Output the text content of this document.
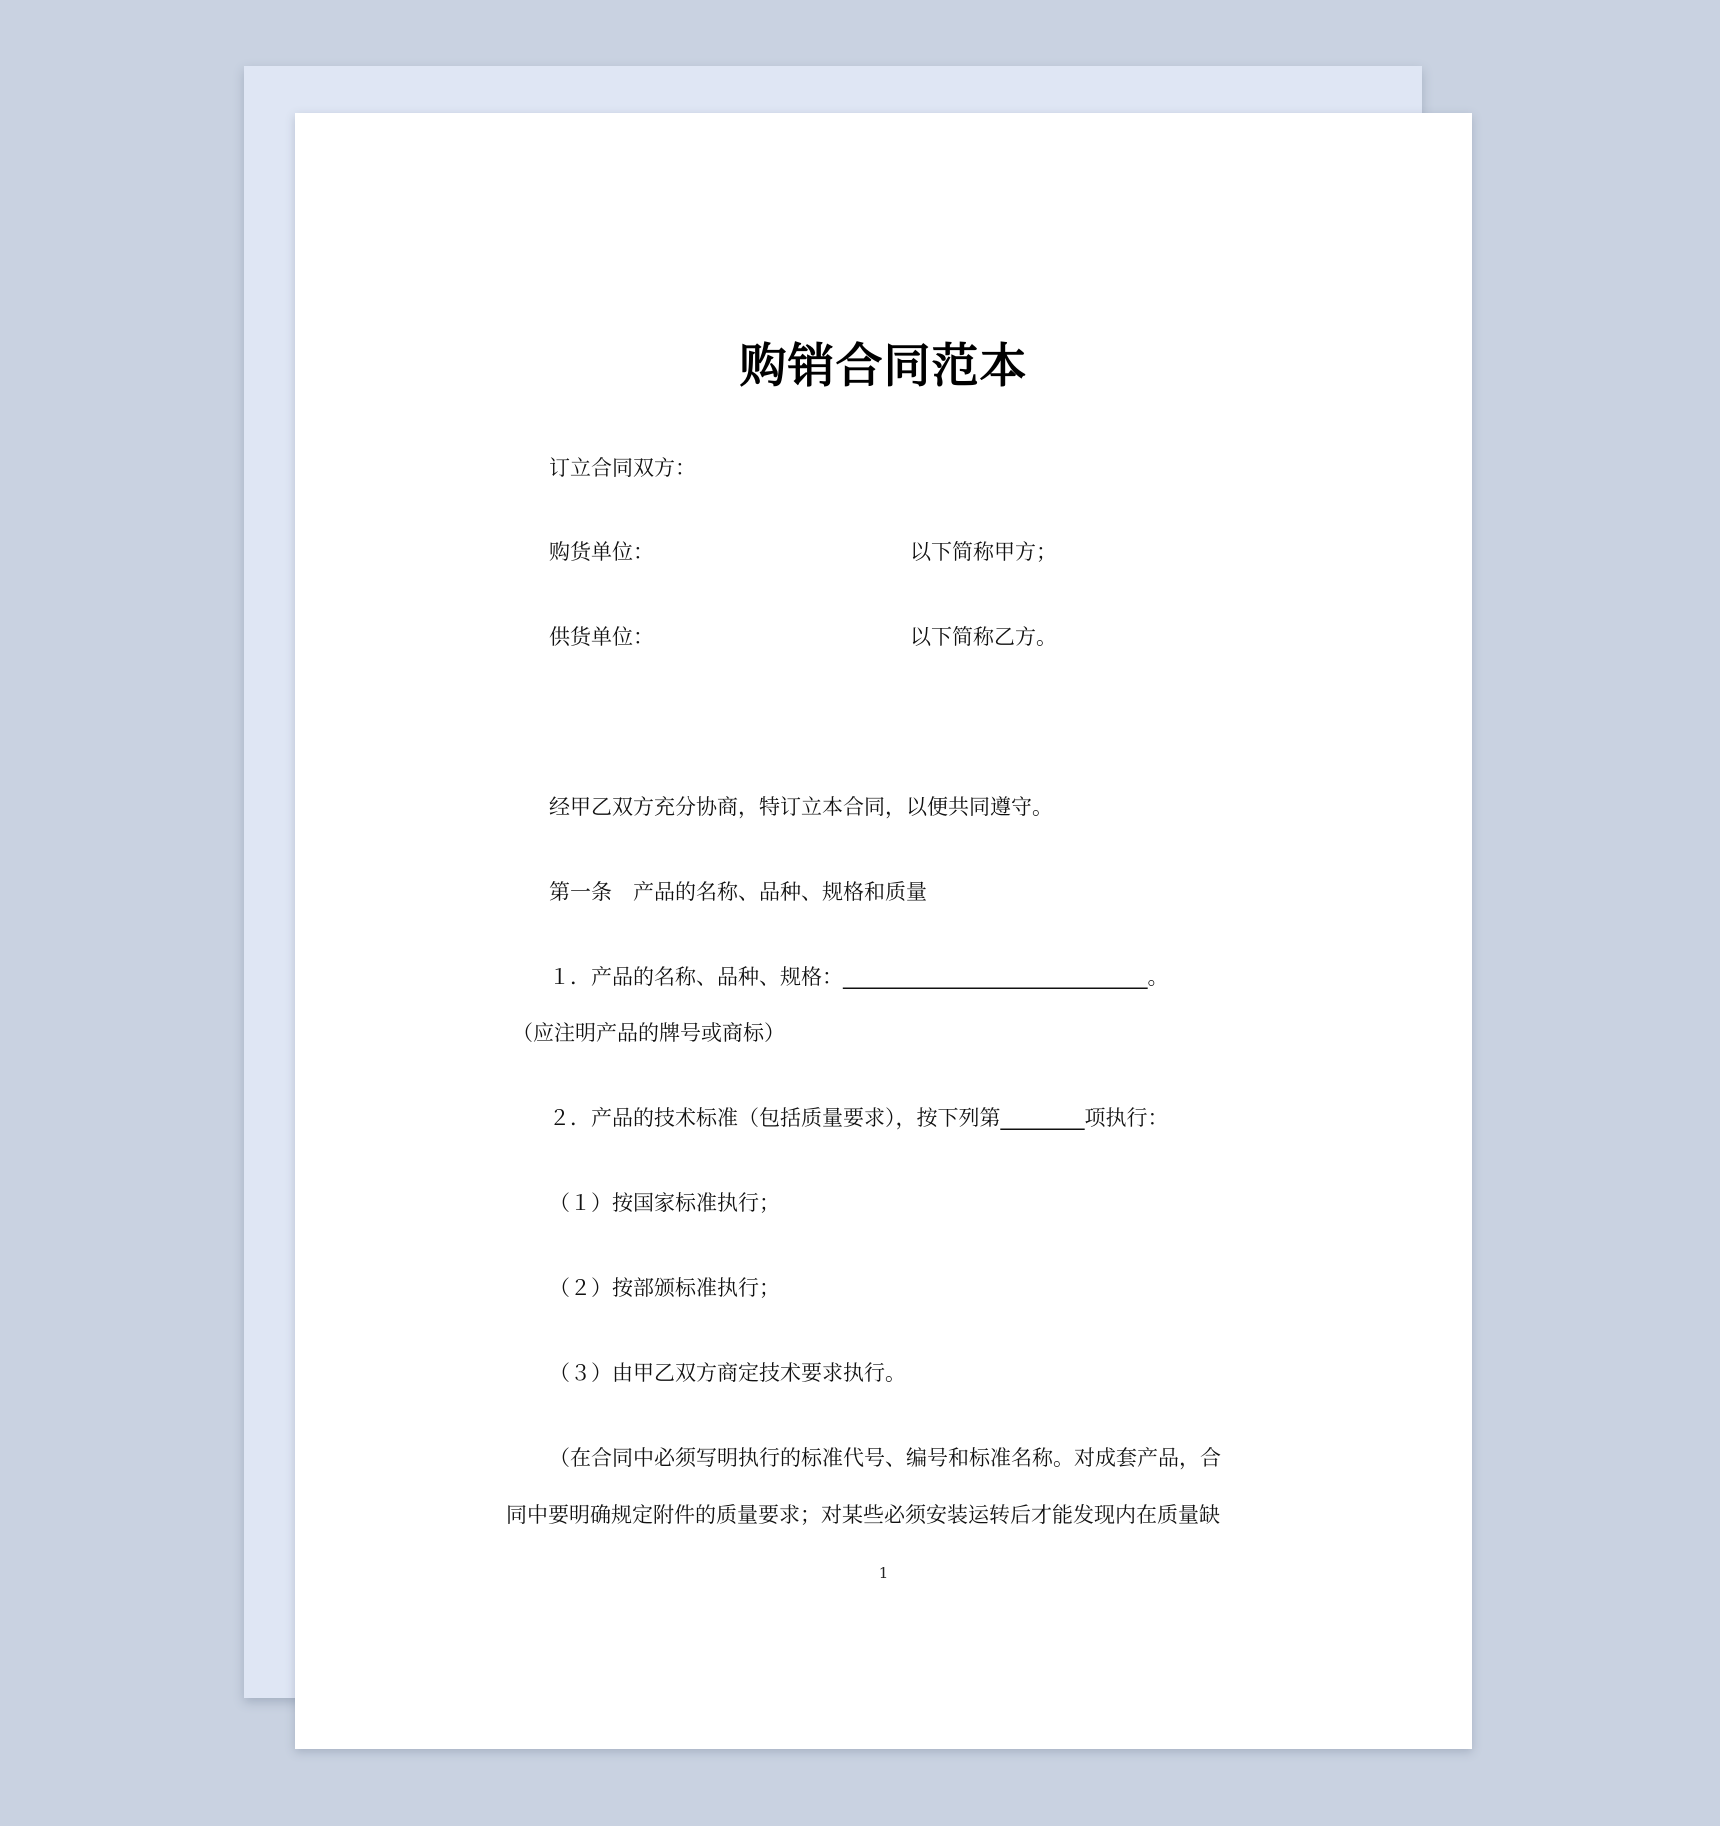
购销合同范本
订立合同双方：
购货单位：	以下简称甲方；
供货单位：	以下简称乙方。
经甲乙双方充分协商，特订立本合同，以便共同遵守。
第一条　产品的名称、品种、规格和质量
１．产品的名称、品种、规格：_____________________________。
（应注明产品的牌号或商标）
２．产品的技术标准（包括质量要求），按下列第________项执行：
（１）按国家标准执行；
（２）按部颁标准执行；
（３）由甲乙双方商定技术要求执行。
（在合同中必须写明执行的标准代号、编号和标准名称。对成套产品，合
同中要明确规定附件的质量要求；对某些必须安装运转后才能发现内在质量缺
1
